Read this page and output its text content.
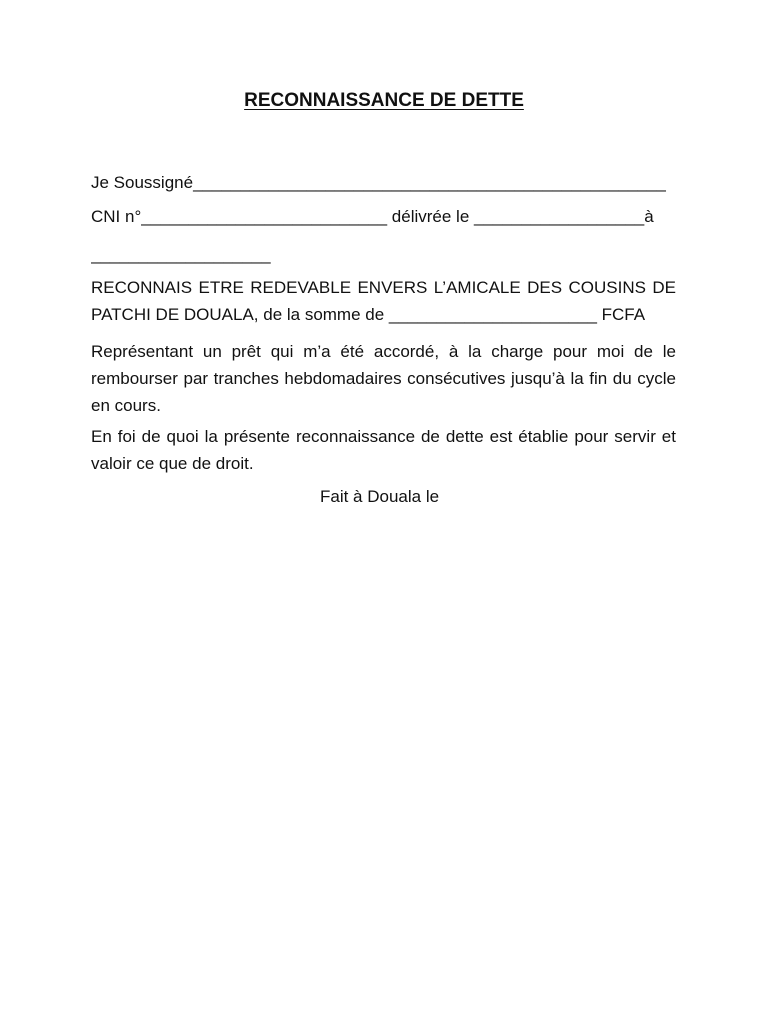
RECONNAISSANCE DE DETTE
Je Soussigné__________________________________________________
CNI n°__________________________ délivrée le __________________à
___________________
RECONNAIS ETRE REDEVABLE ENVERS L’AMICALE DES COUSINS DE
PATCHI DE DOUALA, de la somme de ______________________ FCFA
Représentant un prêt qui m’a été accordé, à la charge pour moi de le rembourser par tranches hebdomadaires consécutives jusqu’à la fin du cycle en cours.
En foi de quoi la présente reconnaissance de dette est établie pour servir et valoir ce que de droit.
Fait à Douala le
